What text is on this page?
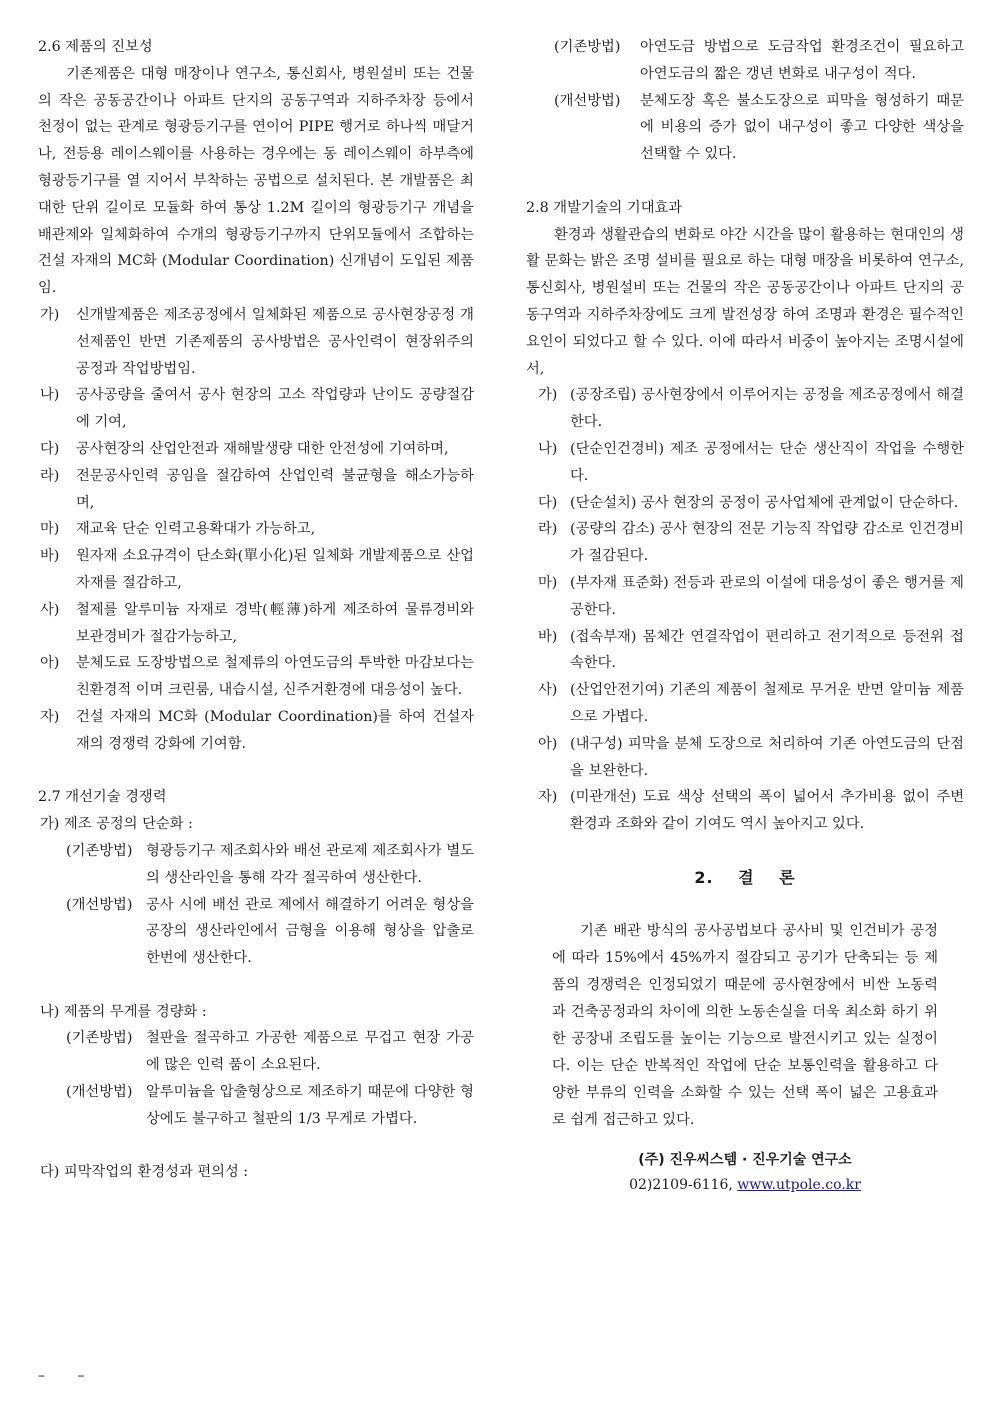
2.6 제품의 진보성

기존제품은 대형 매장이나 연구소, 통신회사, 병원설비 또는 건물의 작은 공동공간이나 아파트 단지의 공동구역과 지하주차장 등에서 천정이 없는 관계로 형광등기구를 연이어 PIPE 행거로 하나씩 매달거나, 전등용 레이스웨이를 사용하는 경우에는 동 레이스웨이 하부측에 형광등기구를 열 지어서 부착하는 공법으로 설치된다. 본 개발품은 최대한 단위 길이로 모듈화 하여 통상 1.2M 길이의 형광등기구 개념을 배관제와 일체화하여 수개의 형광등기구까지 단위모듈에서 조합하는 건설 자재의 MC화 (Modular Coordination) 신개념이 도입된 제품임.

가) 신개발제품은 제조공정에서 일체화된 제품으로 공사현장공정 개선제품인 반면 기존제품의 공사방법은 공사인력이 현장위주의 공정과 작업방법임.
나) 공사공량을 줄여서 공사 현장의 고소 작업량과 난이도 공량절감에 기여,
다) 공사현장의 산업안전과 재해발생량 대한 안전성에 기여하며,
라) 전문공사인력 공임을 절감하여 산업인력 불균형을 해소가능하며,
마) 재교육 단순 인력고용확대가 가능하고,
바) 원자재 소요규격이 단소화(單小化)된 일체화 개발제품으로 산업자재를 절감하고,
사) 철제를 알루미늄 자재로 경박(輕薄)하게 제조하여 물류경비와 보관경비가 절감가능하고,
아) 분체도료 도장방법으로 철제류의 아연도금의 투박한 마감보다는 친환경적 이며 크린룸, 내습시설, 신주거환경에 대응성이 높다.
자) 건설 자재의 MC화 (Modular Coordination)를 하여 건설자재의 경쟁력 강화에 기여함.

2.7 개선기술 경쟁력

가) 제조 공정의 단순화 :

(기존방법) 형광등기구 제조회사와 배선 관로제 제조회사가 별도의 생산라인을 통해 각각 절곡하여 생산한다.
(개선방법) 공사 시에 배선 관로 제에서 해결하기 어려운 형상을 공장의 생산라인에서 금형을 이용해 형상을 압출로 한번에 생산한다.

나) 제품의 무게를 경량화 :

(기존방법) 철판을 절곡하고 가공한 제품으로 무겁고 현장 가공에 많은 인력 품이 소요된다.
(개선방법) 알루미늄을 압출형상으로 제조하기 때문에 다양한 형상에도 불구하고 철판의 1/3 무게로 가볍다.

다) 피막작업의 환경성과 편의성 :

(기존방법) 아연도금 방법으로 도금작업 환경조건이 필요하고 아연도금의 짧은 갱년 변화로 내구성이 적다.
(개선방법) 분체도장 혹은 불소도장으로 피막을 형성하기 때문에 비용의 증가 없이 내구성이 좋고 다양한 색상을 선택할 수 있다.

2.8 개발기술의 기대효과

환경과 생활관습의 변화로 야간 시간을 많이 활용하는 현대인의 생활 문화는 밝은 조명 설비를 필요로 하는 대형 매장을 비롯하여 연구소, 통신회사, 병원설비 또는 건물의 작은 공동공간이나 아파트 단지의 공동구역과 지하주차장에도 크게 발전성장 하여 조명과 환경은 필수적인 요인이 되었다고 할 수 있다. 이에 따라서 비중이 높아지는 조명시설에서,

가) (공장조립) 공사현장에서 이루어지는 공정을 제조공정에서 해결한다.
나) (단순인건경비) 제조 공정에서는 단순 생산직이 작업을 수행한다.
다) (단순설치) 공사 현장의 공정이 공사업체에 관계없이 단순하다.
라) (공량의 감소) 공사 현장의 전문 기능직 작업량 감소로 인건경비가 절감된다.
마) (부자재 표준화) 전등과 관로의 이설에 대응성이 좋은 행거를 제공한다.
바) (접속부재) 몸체간 연결작업이 편리하고 전기적으로 등전위 접속한다.
사) (산업안전기여) 기존의 제품이 철제로 무거운 반면 알미늄 제품으로 가볍다.
아) (내구성) 피막을 분체 도장으로 처리하여 기존 아연도금의 단점을 보완한다.
자) (미관개선) 도료 색상 선택의 폭이 넓어서 추가비용 없이 주변 환경과 조화와 같이 기여도 역시 높아지고 있다.

2. 결 론

기존 배관 방식의 공사공법보다 공사비 및 인건비가 공정에 따라 15%에서 45%까지 절감되고 공기가 단축되는 등 제품의 경쟁력은 인정되었기 때문에 공사현장에서 비싼 노동력과 건축공정과의 차이에 의한 노동손실을 더욱 최소화 하기 위한 공장내 조립도를 높이는 기능으로 발전시키고 있는 실정이다. 이는 단순 반복적인 작업에 단순 보통인력을 활용하고 다양한 부류의 인력을 소화할 수 있는 선택 폭이 넓은 고용효과로 쉽게 접근하고 있다.

(주) 진우씨스템 · 진우기술 연구소

02)2109-6116, www.utpole.co.kr

– –
